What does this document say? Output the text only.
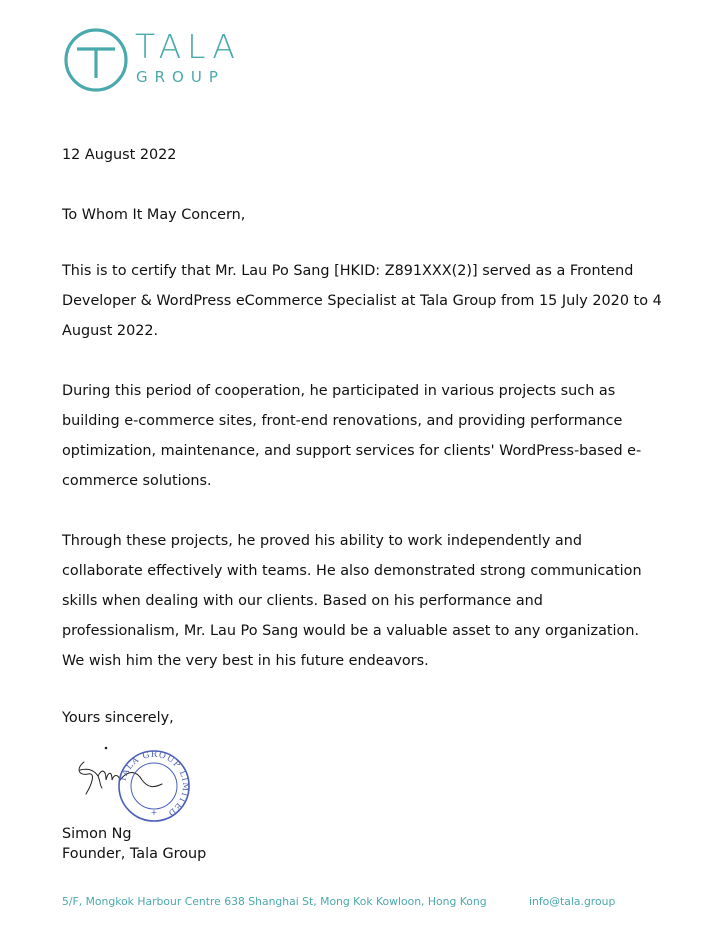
TALA
GROUP

12 August 2022

To Whom It May Concern,

This is to certify that Mr. Lau Po Sang [HKID: Z891XXX(2)] served as a Frontend Developer & WordPress eCommerce Specialist at Tala Group from 15 July 2020 to 4 August 2022.

During this period of cooperation, he participated in various projects such as building e-commerce sites, front-end renovations, and providing performance optimization, maintenance, and support services for clients' WordPress-based e-commerce solutions.

Through these projects, he proved his ability to work independently and collaborate effectively with teams. He also demonstrated strong communication skills when dealing with our clients. Based on his performance and professionalism, Mr. Lau Po Sang would be a valuable asset to any organization. We wish him the very best in his future endeavors.

Yours sincerely,

TALA GROUP LIMITED
+

Simon Ng

Founder, Tala Group

5/F, Mongkok Harbour Centre 638 Shanghai St, Mong Kok Kowloon, Hong Kong	info@tala.group
